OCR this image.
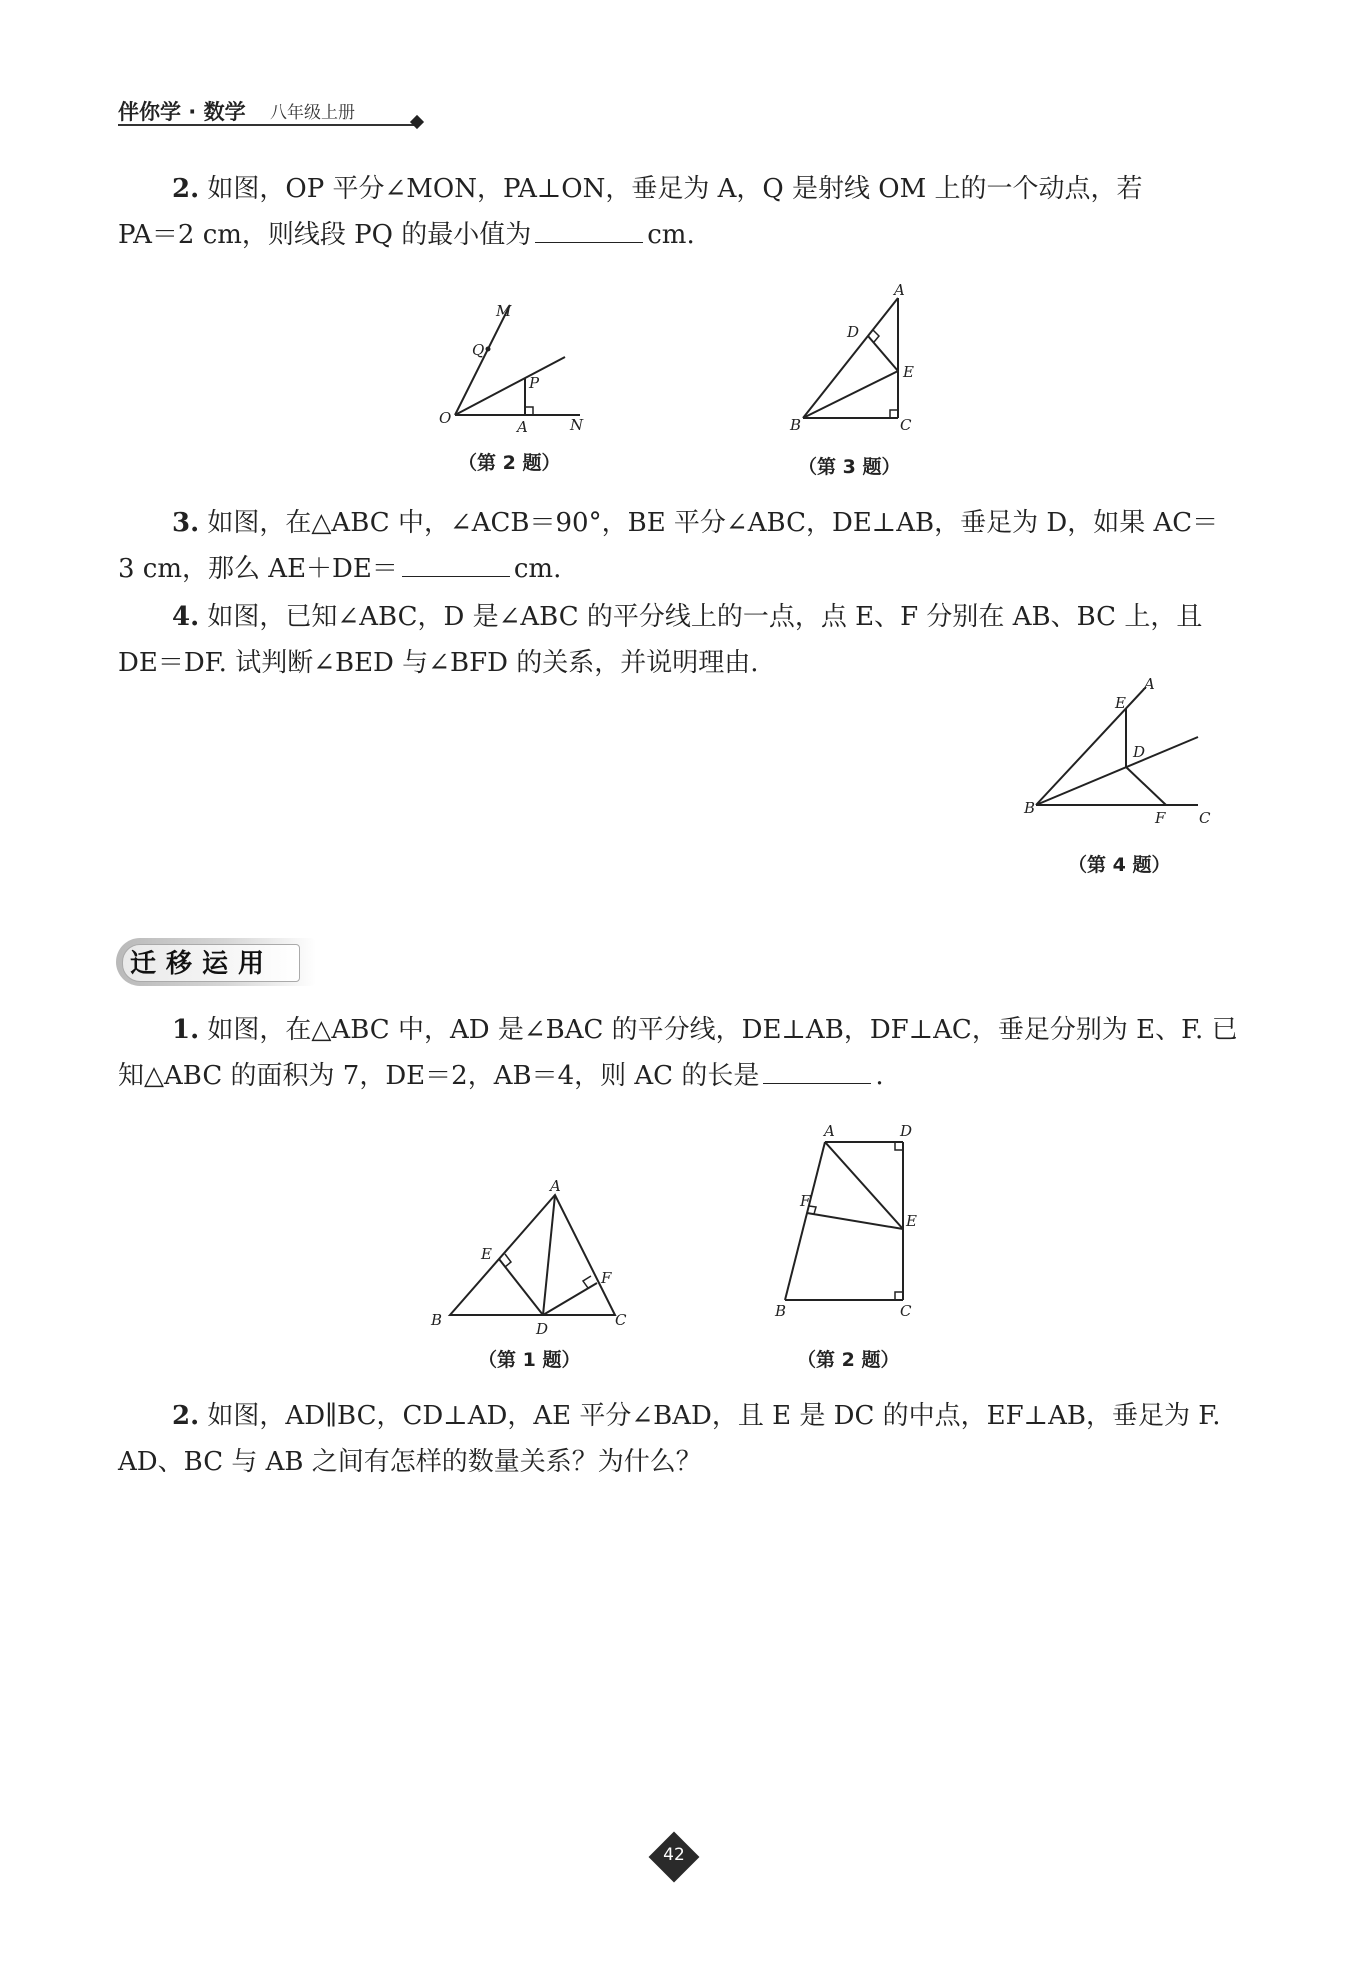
伴你学 · 数学 八年级上册
2. 如图，OP 平分∠MON，PA⊥ON，垂足为 A，Q 是射线 OM 上的一个动点，若
PA＝2 cm，则线段 PQ 的最小值为	cm.
M
Q
P
O	A	N
（第 2 题）
A
D
E
B	C
（第 3 题）
3. 如图，在△ABC 中，∠ACB＝90°，BE 平分∠ABC，DE⊥AB，垂足为 D，如果 AC＝
3 cm，那么 AE＋DE＝	cm.
4. 如图，已知∠ABC，D 是∠ABC 的平分线上的一点，点 E、F 分别在 AB、BC 上，且
DE＝DF. 试判断∠BED 与∠BFD 的关系，并说明理由.
A
E
D
B
F C
（第 4 题）
迁移运用
1. 如图，在△ABC 中，AD 是∠BAC 的平分线，DE⊥AB，DF⊥AC，垂足分别为 E、F. 已
知△ABC 的面积为 7，DE＝2，AB＝4，则 AC 的长是	.
A
E
F
B	D	C
（第 1 题）
A	D
F
E
B	C
（第 2 题）
2. 如图，AD∥BC，CD⊥AD，AE 平分∠BAD，且 E 是 DC 的中点，EF⊥AB，垂足为 F.
AD、BC 与 AB 之间有怎样的数量关系？为什么？
42
